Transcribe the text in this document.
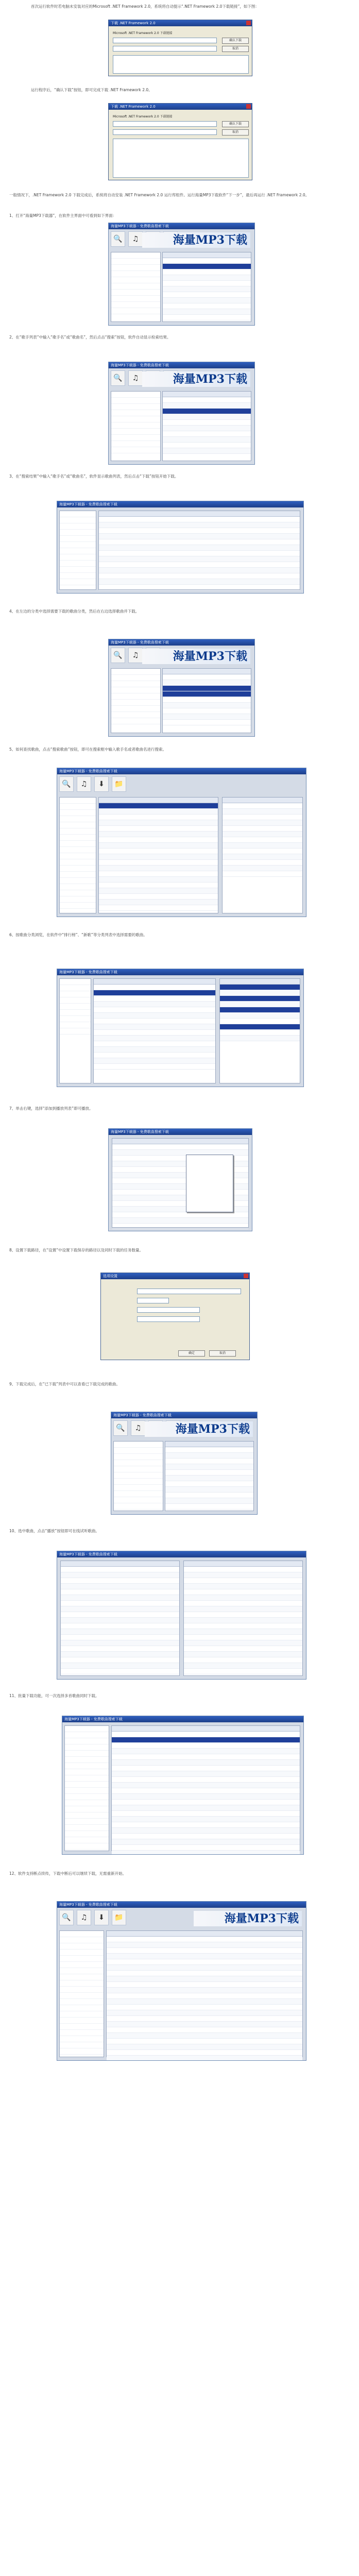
首次运行软件时若电脑未安装对应的Microsoft .NET Framework 2.0，系统将自动提示“.NET Framework 2.0下载链接”，如下图：
下载 .NET Framework 2.0
Microsoft .NET Framework 2.0 下载链接
确认下载
取消
运行程序后，“确认下载”按钮，即可完成下载 .NET Framework 2.0。
下载 .NET Framework 2.0
Microsoft .NET Framework 2.0 下载链接
确认下载
取消
一般情况下，.NET Framework 2.0 下载完成后，系统将自动安装 .NET Framework 2.0 运行库组件。运行海量MP3下载软件“下一步”，最后再运行 .NET Framework 2.0。
1、打开“海量MP3下载器”，在软件主界面中可看到如下界面：
海量MP3下载器 - 免费歌曲搜索下载
🔍	♫	海量MP3下载
2、在“歌手列表”中输入“歌手名”或“歌曲名”，然后点击“搜索”按钮，软件自动显示检索结果。
海量MP3下载器 - 免费歌曲搜索下载
🔍	♫	海量MP3下载
3、在“搜索结果”中输入“歌手名”或“歌曲名”，软件显示歌曲列表，然后点击“下载”按钮开始下载。
海量MP3下载器 - 免费歌曲搜索下载
4、在左边的分类中选择需要下载的歌曲分类，然后在右边选择歌曲并下载。
海量MP3下载器 - 免费歌曲搜索下载
🔍	♫	海量MP3下载
5、如何查找歌曲，点击“搜索歌曲”按钮，即可在搜索框中输入歌手名或者歌曲名进行搜索。
海量MP3下载器 - 免费歌曲搜索下载
🔍	♫	⬇	📁
6、按歌曲分类浏览，在软件中“排行榜”、“新歌”等分类列表中选择需要的歌曲。
海量MP3下载器 - 免费歌曲搜索下载
7、单击右键，选择“添加到播放列表”即可播放。
海量MP3下载器 - 免费歌曲搜索下载
8、设置下载路径，在“设置”中设置下载保存的路径以及同时下载的任务数量。
选项设置
确定	取消
9、下载完成后，在“已下载”列表中可以查看已下载完成的歌曲。
海量MP3下载器 - 免费歌曲搜索下载
🔍	♫	海量MP3下载
10、选中歌曲，点击“播放”按钮即可在线试听歌曲。
海量MP3下载器 - 免费歌曲搜索下载
11、批量下载功能，可一次选择多首歌曲同时下载。
海量MP3下载器 - 免费歌曲搜索下载
12、软件支持断点续传，下载中断后可以继续下载，无需重新开始。
海量MP3下载器 - 免费歌曲搜索下载
🔍	♫	⬇	📁	海量MP3下载
